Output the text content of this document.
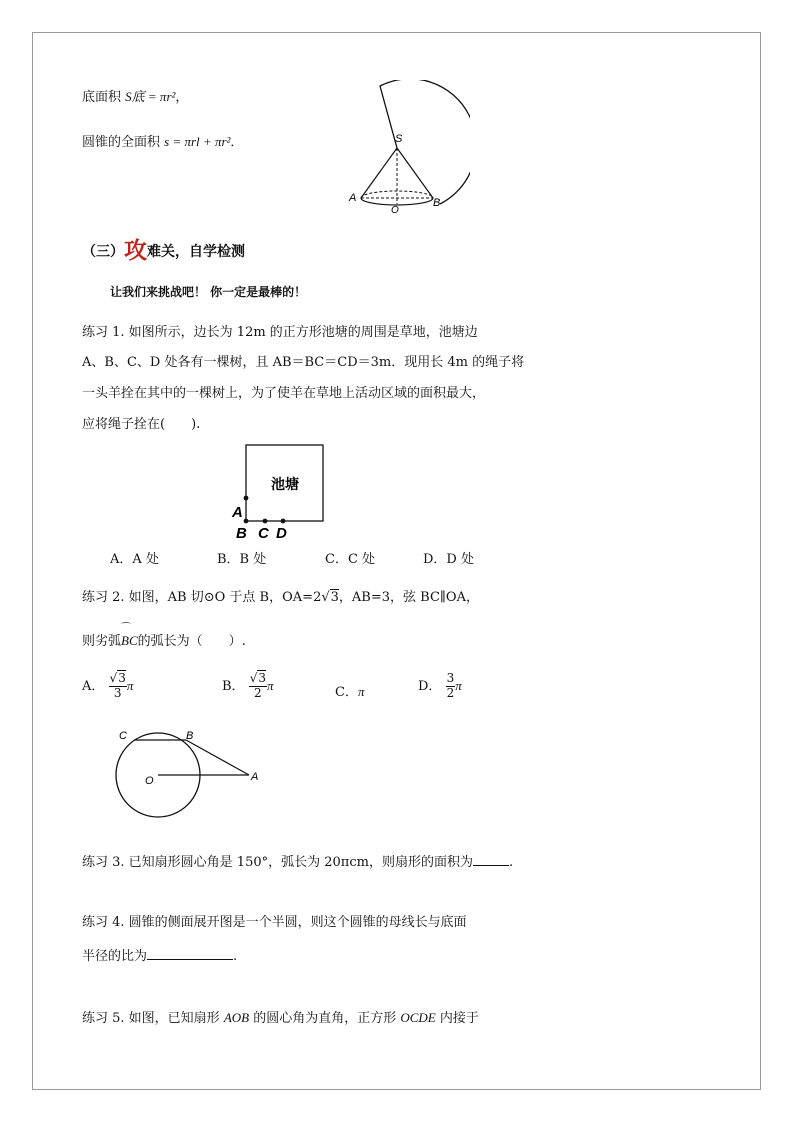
底面积 S底 = πr²，
圆锥的全面积 s = πrl + πr²．	S
A
O
B
（三）攻难关，自学检测
让我们来挑战吧！ 你一定是最棒的！
练习 1. 如图所示，边长为 12m 的正方形池塘的周围是草地，池塘边
A、B、C、D 处各有一棵树，且 AB＝BC＝CD＝3m．现用长 4m 的绳子将
一头羊拴在其中的一棵树上，为了使羊在草地上活动区域的面积最大，
应将绳子拴在(　　).
池塘
A
B C D
A．A 处	B．B 处	C．C 处	D．D 处
练习 2. 如图，AB 切⊙O 于点 B，OA=2√3，AB=3，弦 BC∥OA，
则劣弧
⌒
BC的弧长为（　　）.
A． $\frac{√3}{3}$ π	B． $\frac{√3}{2}$ π	C．π	D． $\frac{3}{2}$ π
C	B
O	A
练习 3. 已知扇形圆心角是 150°，弧长为 20πcm，则扇形的面积为	.
练习 4. 圆锥的侧面展开图是一个半圆，则这个圆锥的母线长与底面
半径的比为	.
练习 5. 如图，已知扇形 AOB 的圆心角为直角，正方形 OCDE 内接于
